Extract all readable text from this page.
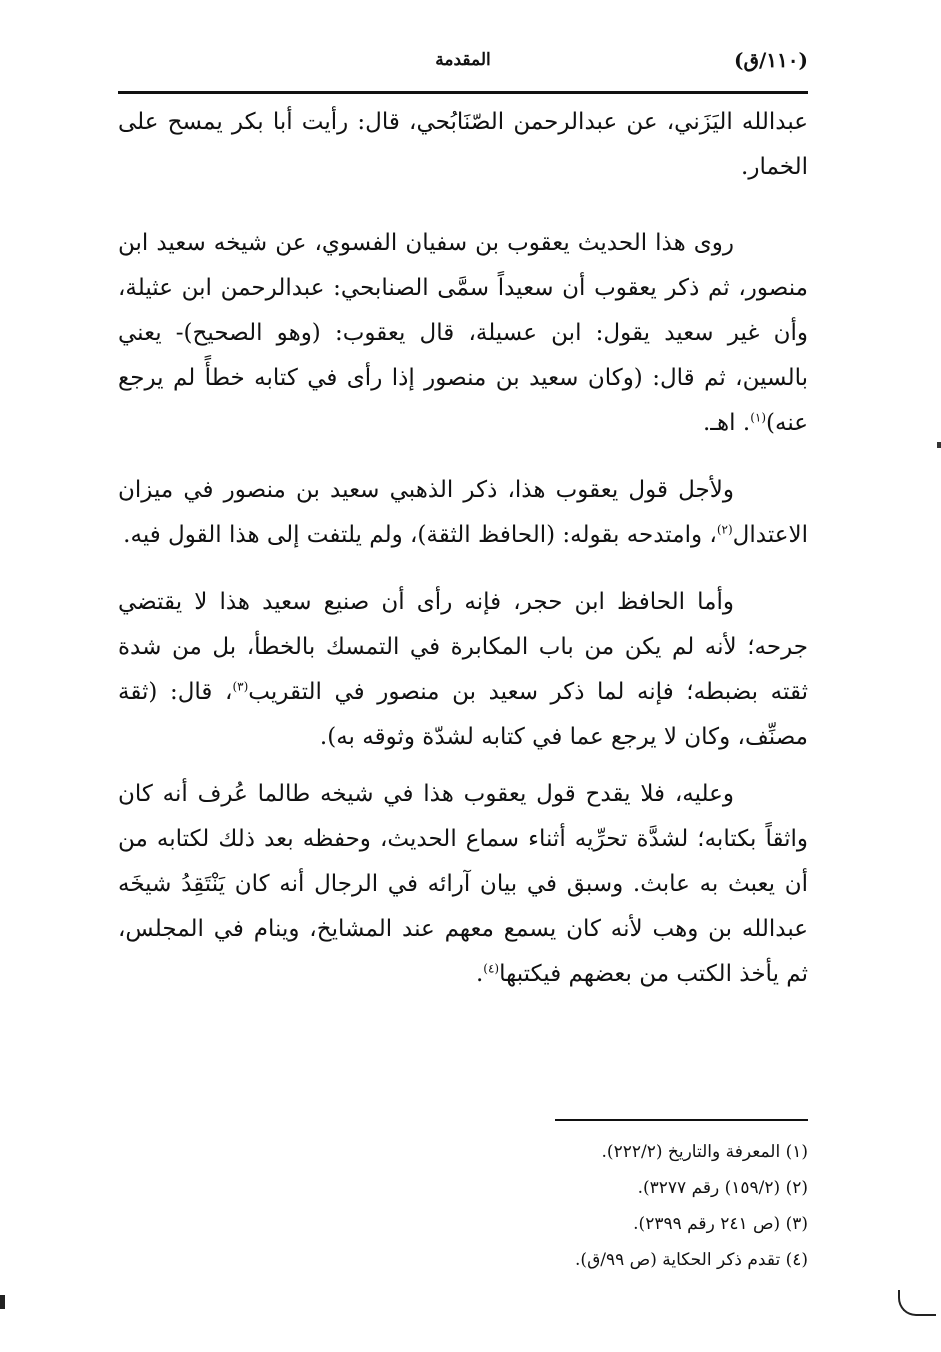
(١١٠/ق)
المقدمة

عبدالله اليَزَني، عن عبدالرحمن الصّنَابُحي، قال: رأيت أبا بكر يمسح على الخمار.

روى هذا الحديث يعقوب بن سفيان الفسوي، عن شيخه سعيد ابن منصور، ثم ذكر يعقوب أن سعيداً سمَّى الصنابحي: عبدالرحمن ابن عثيلة، وأن غير سعيد يقول: ابن عسيلة، قال يعقوب: (وهو الصحيح)- يعني بالسين، ثم قال: (وكان سعيد بن منصور إذا رأى في كتابه خطأً لم يرجع عنه)$^{(١)}$. اهـ.

ولأجل قول يعقوب هذا، ذكر الذهبي سعيد بن منصور في ميزان الاعتدال$^{(٢)}$، وامتدحه بقوله: (الحافظ الثقة)، ولم يلتفت إلى هذا القول فيه.

وأما الحافظ ابن حجر، فإنه رأى أن صنيع سعيد هذا لا يقتضي جرحه؛ لأنه لم يكن من باب المكابرة في التمسك بالخطأ، بل من شدة ثقته بضبطه؛ فإنه لما ذكر سعيد بن منصور في التقريب$^{(٣)}$، قال: (ثقة مصنِّف، وكان لا يرجع عما في كتابه لشدّة وثوقه به).

وعليه، فلا يقدح قول يعقوب هذا في شيخه طالما عُرف أنه كان واثقاً بكتابه؛ لشدَّة تحرِّيه أثناء سماع الحديث، وحفظه بعد ذلك لكتابه من أن يعبث به عابث. وسبق في بيان آرائه في الرجال أنه كان يَنْتَقِدُ شيخَه عبدالله بن وهب لأنه كان يسمع معهم عند المشايخ، وينام في المجلس، ثم يأخذ الكتب من بعضهم فيكتبها$^{(٤)}$.

(١) المعرفة والتاريخ (٢٢٢/٢).

(٢) (١٥٩/٢) رقم ٣٢٧٧).

(٣) (ص ٢٤١ رقم ٢٣٩٩).

(٤) تقدم ذكر الحكاية (ص ٩٩/ق).
